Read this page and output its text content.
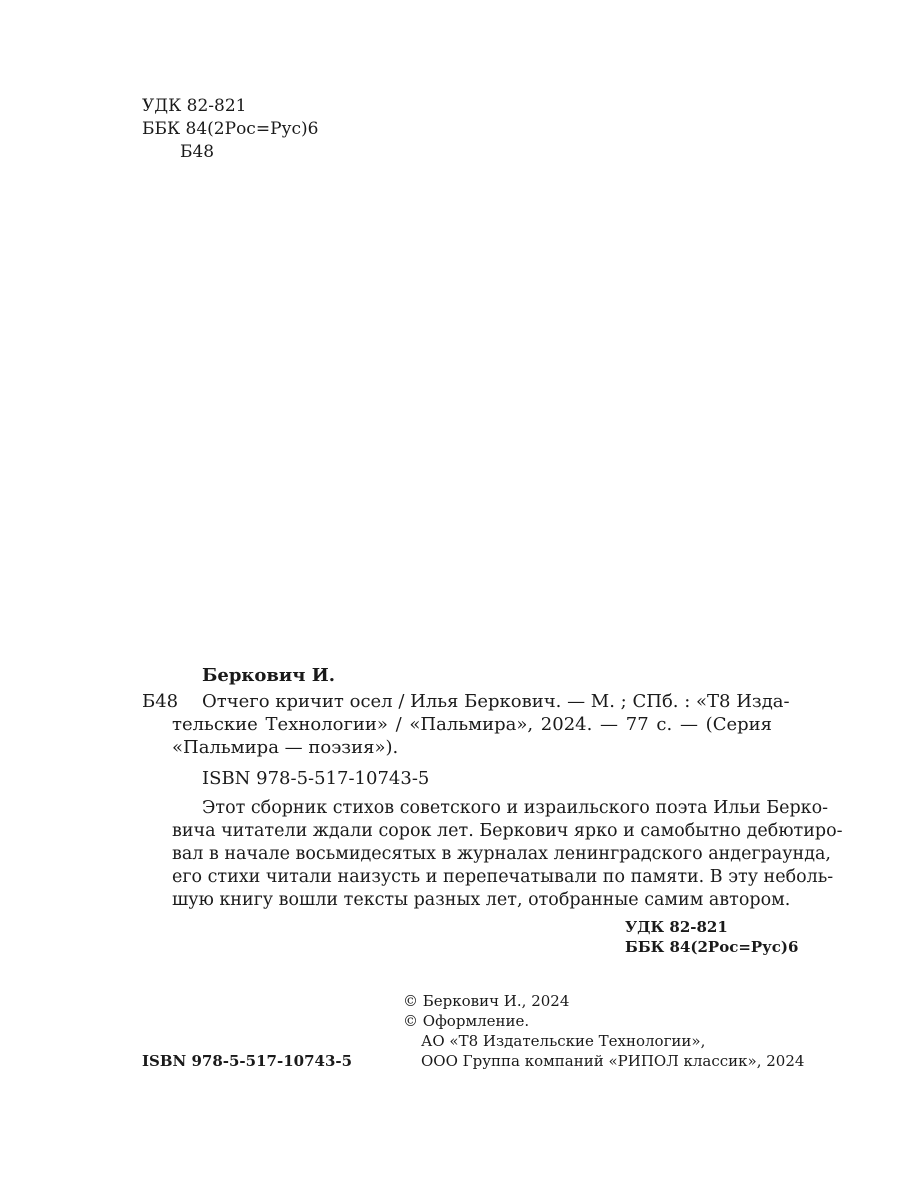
УДК 82-821
ББК 84(2Рос=Рус)6
Б48
Беркович И.
Б48 Отчего кричит осел / Илья Беркович. — М. ; СПб. : «Т8 Изда-
тельские Технологии» / «Пальмира», 2024. — 77 с. — (Серия
«Пальмира — поэзия»).
ISBN 978-5-517-10743-5
Этот сборник стихов советского и израильского поэта Ильи Берко-
вича читатели ждали сорок лет. Беркович ярко и самобытно дебютиро-
вал в начале восьмидесятых в журналах ленинградского андеграунда,
его стихи читали наизусть и перепечатывали по памяти. В эту неболь-
шую книгу вошли тексты разных лет, отобранные самим автором.
УДК 82-821
ББК 84(2Рос=Рус)6
© Беркович И., 2024
© Оформление.
АО «Т8 Издательские Технологии»,
ISBN 978-5-517-10743-5	ООО Группа компаний «РИПОЛ классик», 2024
